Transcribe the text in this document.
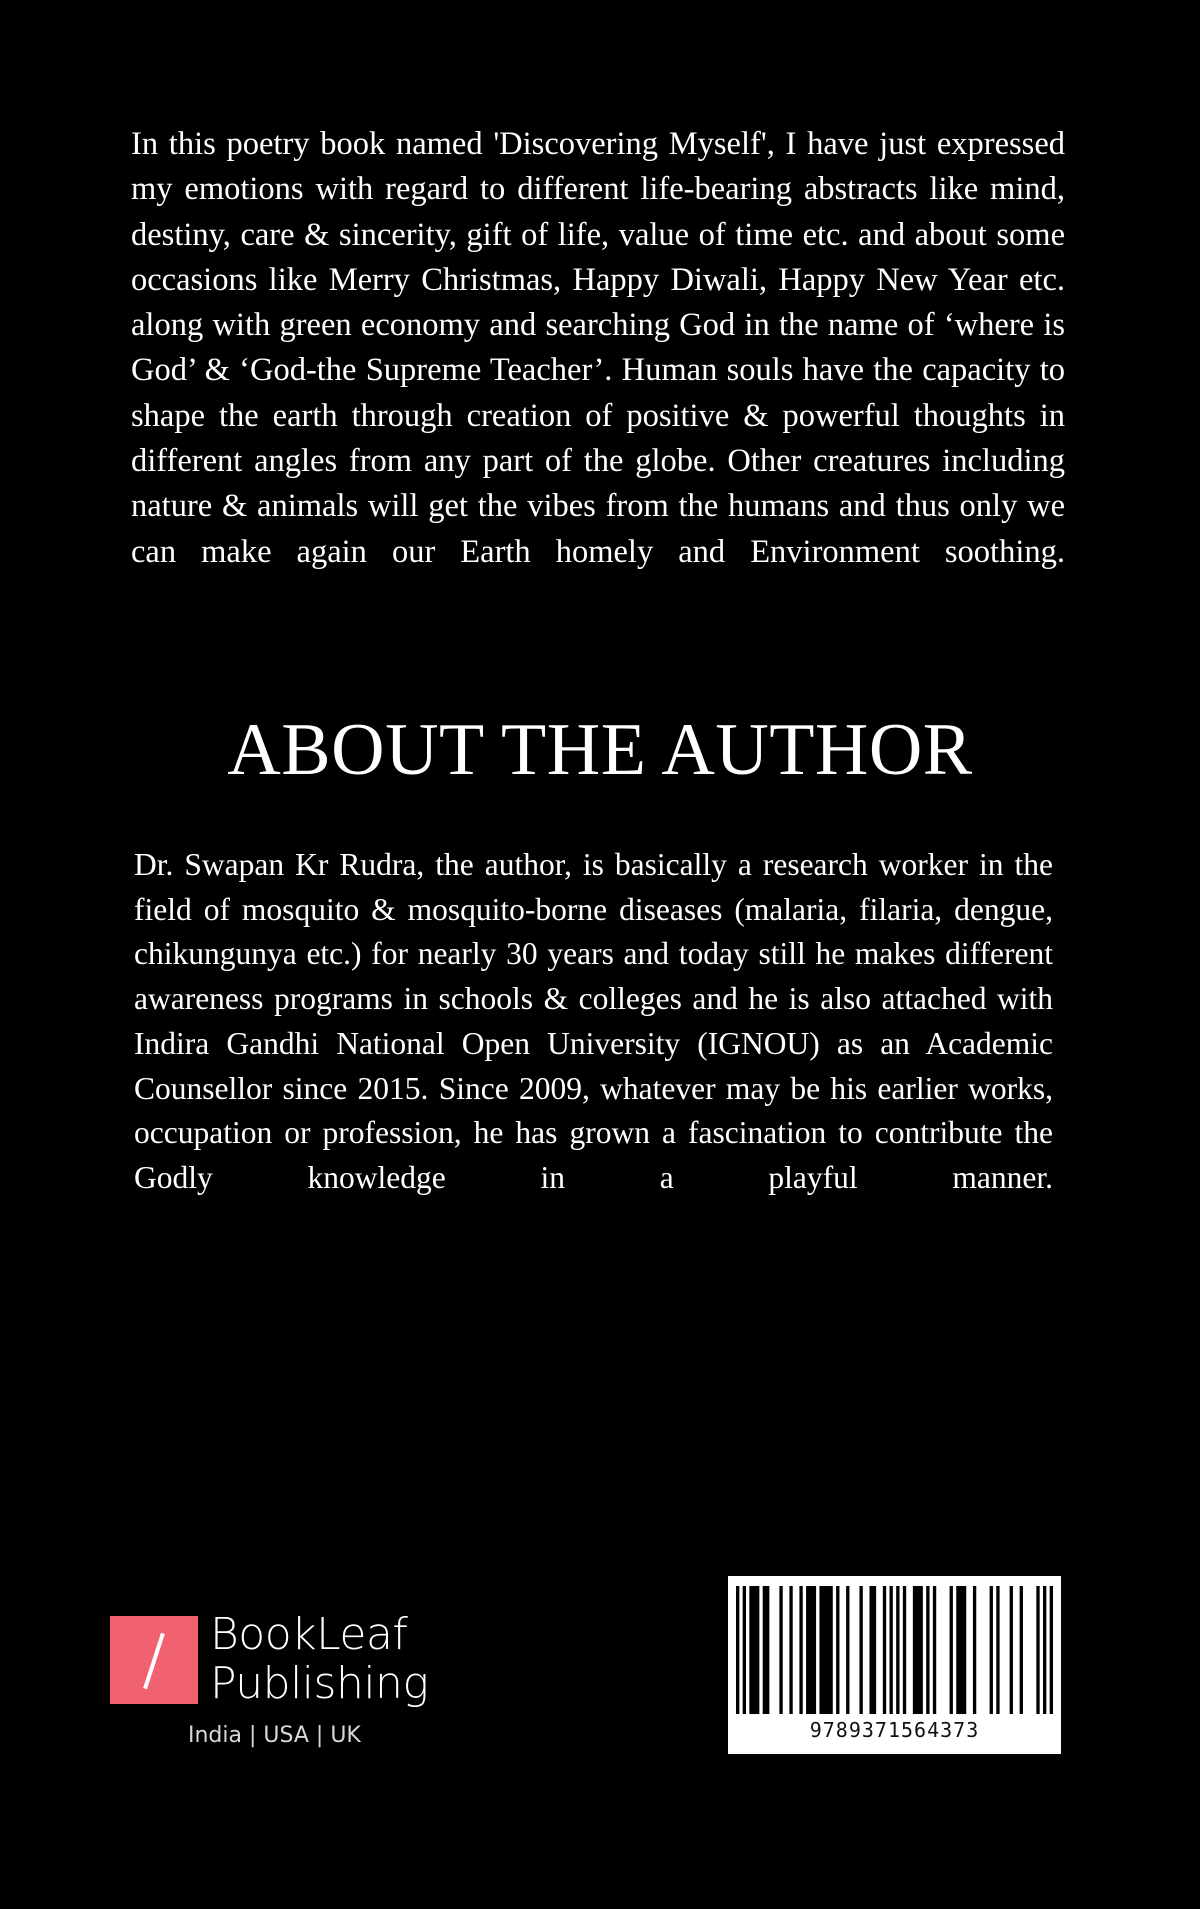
In this poetry book named 'Discovering Myself', I have just expressed my emotions with regard to different life-bearing abstracts like mind, destiny, care & sincerity, gift of life, value of time etc. and about some occasions like Merry Christmas, Happy Diwali, Happy New Year etc. along with green economy and searching God in the name of ‘where is God’ & ‘God-the Supreme Teacher’. Human souls have the capacity to shape the earth through creation of positive & powerful thoughts in different angles from any part of the globe. Other creatures including nature & animals will get the vibes from the humans and thus only we can make again our Earth homely and Environment soothing.

ABOUT THE AUTHOR

Dr. Swapan Kr Rudra, the author, is basically a research worker in the field of mosquito & mosquito-borne diseases (malaria, filaria, dengue, chikungunya etc.) for nearly 30 years and today still he makes different awareness programs in schools & colleges and he is also attached with Indira Gandhi National Open University (IGNOU) as an Academic Counsellor since 2015. Since 2009, whatever may be his earlier works, occupation or profession, he has grown a fascination to contribute the Godly knowledge in a playful manner.

BookLeaf
Publishing
India | USA | UK	9789371564373
